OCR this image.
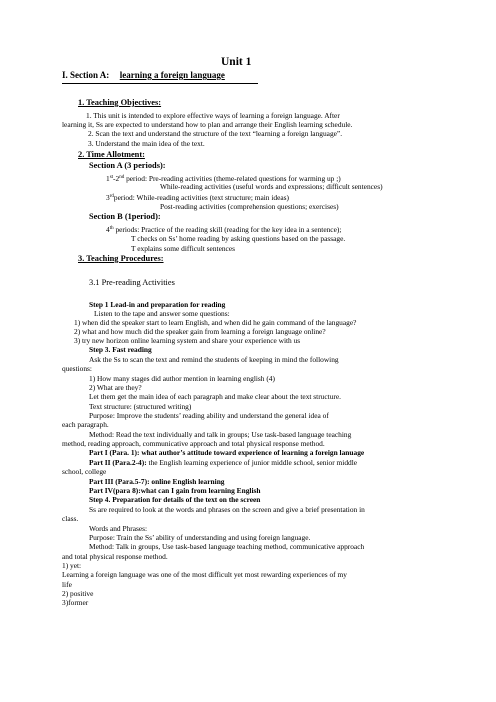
Unit 1
I. Section A: learning a foreign language
1. Teaching Objectives:
1. This unit is intended to explore effective ways of learning a foreign language. After
learning it, Ss are expected to understand how to plan and arrange their English learning schedule.
2. Scan the text and understand the structure of the text “learning a foreign language”.
3. Understand the main idea of the text.
2. Time Allotment:
Section A (3 periods):
1st-2nd period: Pre-reading activities (theme-related questions for warming up ;)
While-reading activities (useful words and expressions; difficult sentences)
3rdperiod: While-reading activities (text structure; main ideas)
Post-reading activities (comprehension questions; exercises)
Section B (1period):
4th periods: Practice of the reading skill (reading for the key idea in a sentence);
T checks on Ss’ home reading by asking questions based on the passage.
T explains some difficult sentences
3. Teaching Procedures:
3.1 Pre-reading Activities
Step 1 Lead-in and preparation for reading
Listen to the tape and answer some questions:
1) when did the speaker start to learn English, and when did he gain command of the language?
2) what and how much did the speaker gain from learning a foreign language online?
3) try new horizon online learning system and share your experience with us
Step 3. Fast reading
Ask the Ss to scan the text and remind the students of keeping in mind the following
questions:
1) How many stages did author mention in learning english (4)
2) What are they?
Let them get the main idea of each paragraph and make clear about the text structure.
Text structure: (structured writing)
Purpose: Improve the students’ reading ability and understand the general idea of
each paragraph.
Method: Read the text individually and talk in groups; Use task-based language teaching
method, reading approach, communicative approach and total physical response method.
Part I (Para. 1): what author’s attitude toward experience of learning a foreign lanuage
Part II (Para.2-4): the English learning experience of junior middle school, senior middle
school, college
Part III (Para.5-7): online English learning
Part IV(para 8):what can I gain from learning English
Step 4. Preparation for details of the text on the screen
Ss are required to look at the words and phrases on the screen and give a brief presentation in
class.
Words and Phrases:
Purpose: Train the Ss’ ability of understanding and using foreign language.
Method: Talk in groups, Use task-based language teaching method, communicative approach
and total physical response method.
1) yet:
Learning a foreign language was one of the most difficult yet most rewarding experiences of my
life
2) positive
3)former
